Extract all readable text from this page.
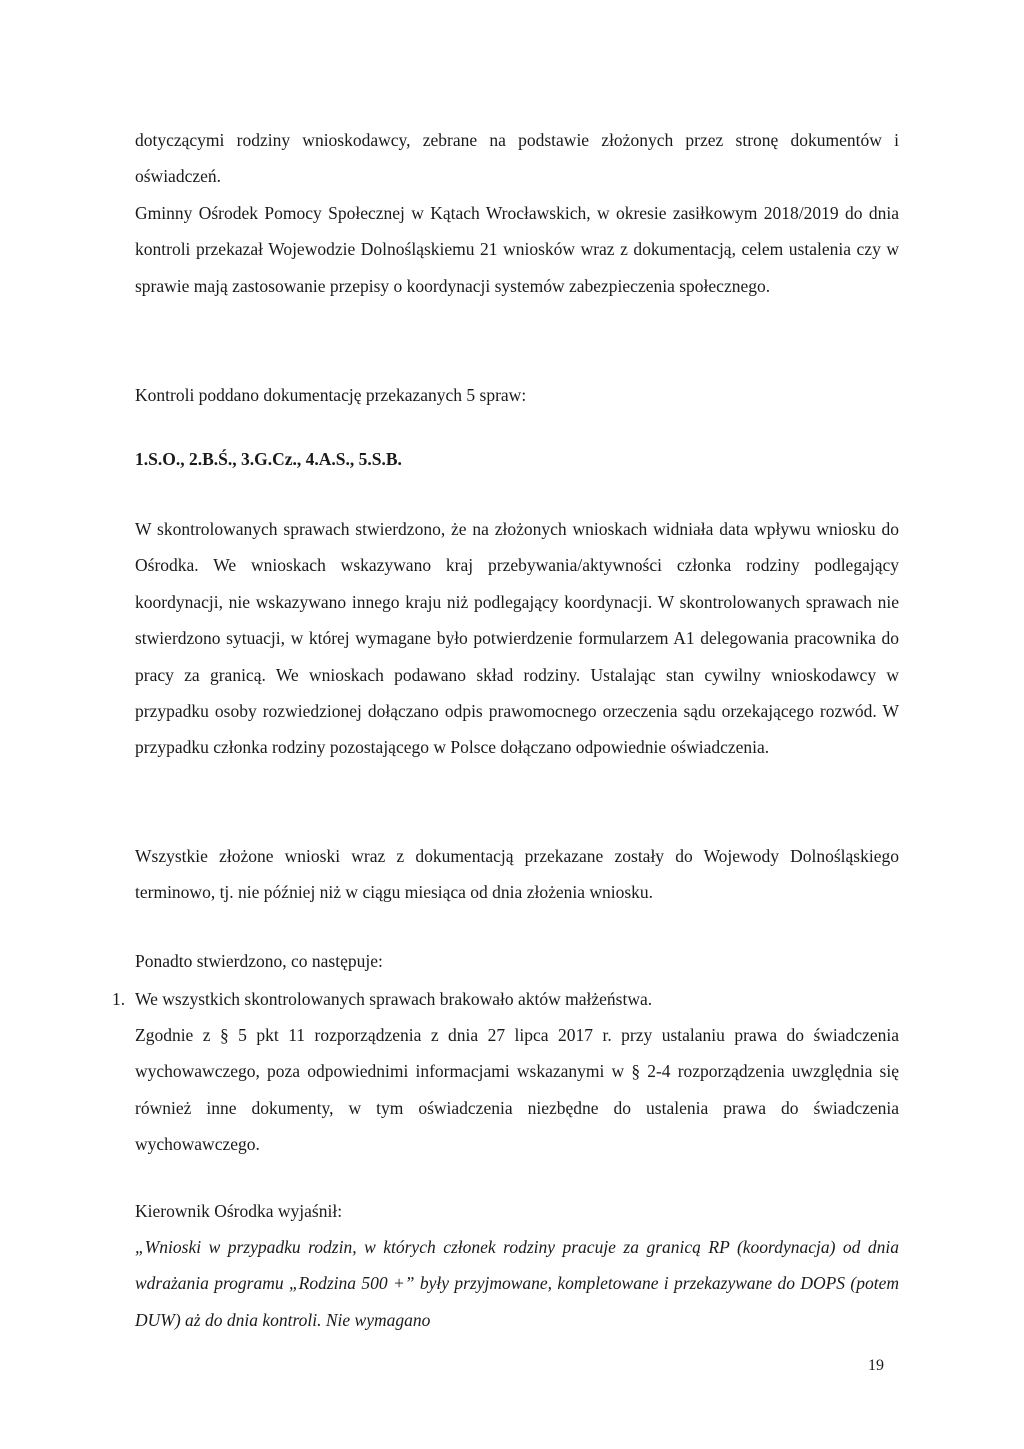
dotyczącymi rodziny wnioskodawcy, zebrane na podstawie złożonych przez stronę dokumentów i oświadczeń.

Gminny Ośrodek Pomocy Społecznej w Kątach Wrocławskich, w okresie zasiłkowym 2018/2019 do dnia kontroli przekazał Wojewodzie Dolnośląskiemu 21 wniosków wraz z dokumentacją, celem ustalenia czy w sprawie mają zastosowanie przepisy o koordynacji systemów zabezpieczenia społecznego.

Kontroli poddano dokumentację przekazanych 5 spraw:

1.S.O., 2.B.Ś., 3.G.Cz., 4.A.S., 5.S.B.

W skontrolowanych sprawach stwierdzono, że na złożonych wnioskach widniała data wpływu wniosku do Ośrodka. We wnioskach wskazywano kraj przebywania/aktywności członka rodziny podlegający koordynacji, nie wskazywano innego kraju niż podlegający koordynacji. W skontrolowanych sprawach nie stwierdzono sytuacji, w której wymagane było potwierdzenie formularzem A1 delegowania pracownika do pracy za granicą. We wnioskach podawano skład rodziny. Ustalając stan cywilny wnioskodawcy w przypadku osoby rozwiedzionej dołączano odpis prawomocnego orzeczenia sądu orzekającego rozwód. W przypadku członka rodziny pozostającego w Polsce dołączano odpowiednie oświadczenia.

Wszystkie złożone wnioski wraz z dokumentacją przekazane zostały do Wojewody Dolnośląskiego terminowo, tj. nie później niż w ciągu miesiąca od dnia złożenia wniosku.

Ponadto stwierdzono, co następuje:

1. We wszystkich skontrolowanych sprawach brakowało aktów małżeństwa.

Zgodnie z § 5 pkt 11 rozporządzenia z dnia 27 lipca 2017 r. przy ustalaniu prawa do świadczenia wychowawczego, poza odpowiednimi informacjami wskazanymi w § 2-4 rozporządzenia uwzględnia się również inne dokumenty, w tym oświadczenia niezbędne do ustalenia prawa do świadczenia wychowawczego.

Kierownik Ośrodka wyjaśnił:

„Wnioski w przypadku rodzin, w których członek rodziny pracuje za granicą RP (koordynacja) od dnia wdrażania programu „Rodzina 500 +” były przyjmowane, kompletowane i przekazywane do DOPS (potem DUW) aż do dnia kontroli. Nie wymagano

19
